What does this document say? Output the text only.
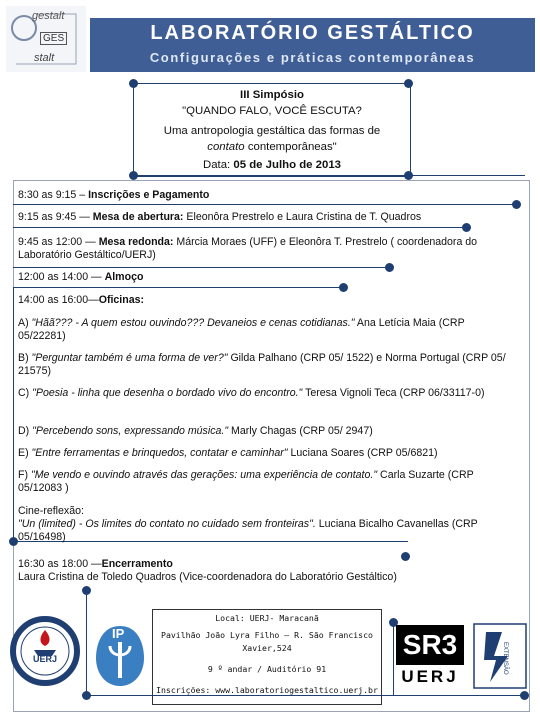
gestalt
GES
stalt
LABORATÓRIO GESTÁLTICO
Configurações e práticas contemporâneas
III Simpósio
"QUANDO FALO, VOCÊ ESCUTA?
Uma antropologia gestáltica das formas de
contato contemporâneas"
Data: 05 de Julho de 2013
8:30 as 9:15 – Inscrições e Pagamento
9:15 as 9:45 — Mesa de abertura: Eleonôra Prestrelo e Laura Cristina de T. Quadros
9:45 as 12:00 — Mesa redonda: Márcia Moraes (UFF) e Eleonôra T. Prestrelo ( coordenadora do Laboratório Gestáltico/UERJ)
12:00 as 14:00 — Almoço
14:00 as 16:00—Oficinas:
A) "Hãã??? - A quem estou ouvindo??? Devaneios e cenas cotidianas." Ana Letícia Maia (CRP 05/22281)
B) "Perguntar também é uma forma de ver?" Gilda Palhano (CRP 05/ 1522) e Norma Portugal (CRP 05/ 21575)
C) "Poesia - linha que desenha o bordado vivo do encontro." Teresa Vignoli Teca (CRP 06/33117-0)
D) "Percebendo sons, expressando música." Marly Chagas (CRP 05/ 2947)
E) "Entre ferramentas e brinquedos, contatar e caminhar" Luciana Soares (CRP 05/6821)
F) "Me vendo e ouvindo através das gerações: uma experiência de contato." Carla Suzarte (CRP 05/12083 )
Cine-reflexão:
"Un (limited) - Os limites do contato no cuidado sem fronteiras". Luciana Bicalho Cavanellas (CRP 05/16498)
16:30 as 18:00 —Encerramento
Laura Cristina de Toledo Quadros (Vice-coordenadora do Laboratório Gestáltico)
Local: UERJ- Maracanã
Pavilhão João Lyra Filho – R. São Francisco
Xavier,524
9 º andar / Auditório 91
Inscrições: www.laboratoriogestaltico.uerj.br
UERJ
IP	SR3
UERJ
EXTENSÃO
